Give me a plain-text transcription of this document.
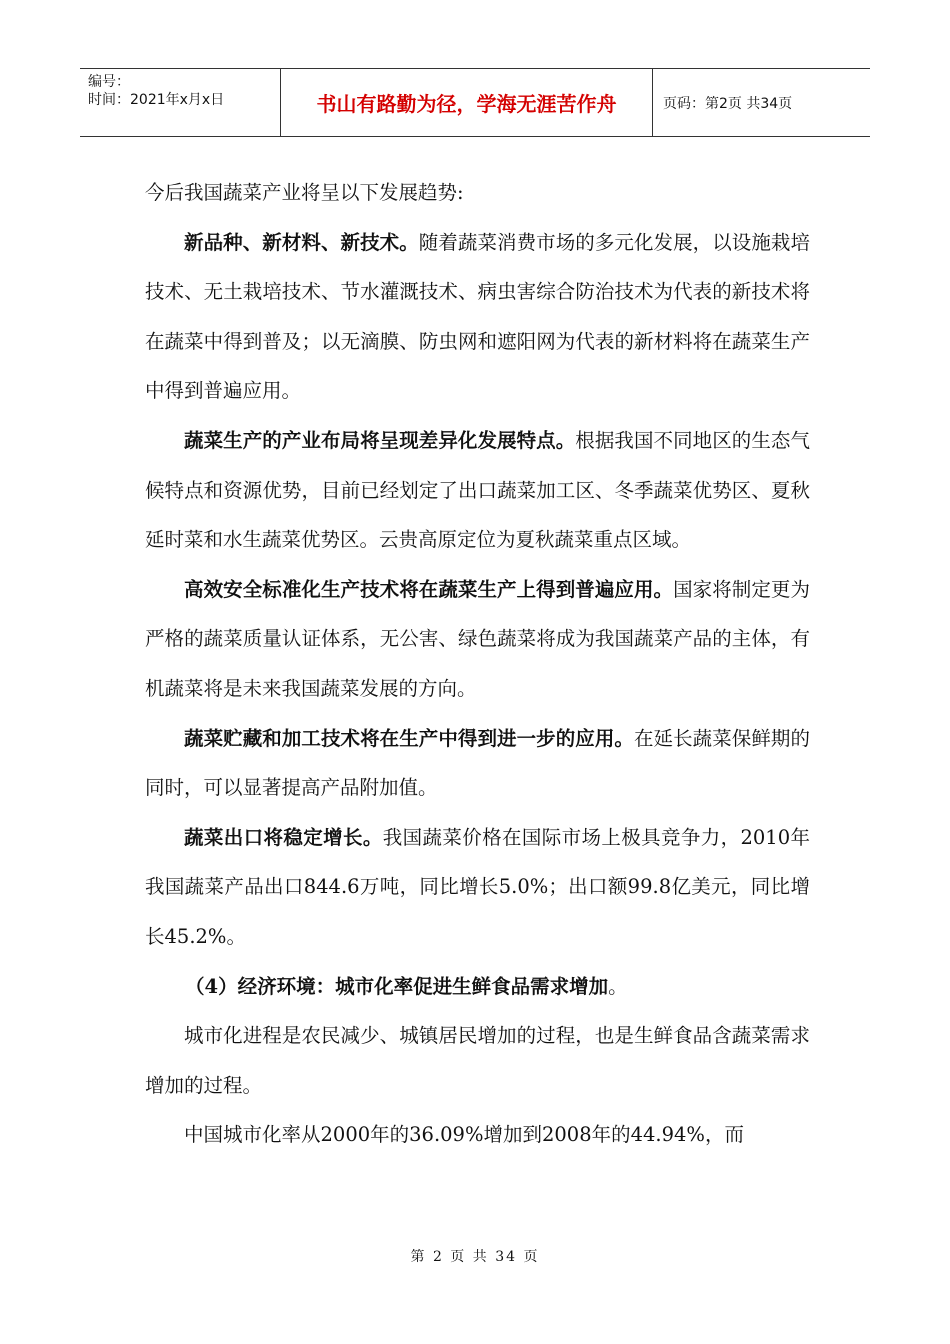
编号：
时间：2021年x月x日	书山有路勤为径，学海无涯苦作舟	页码：第2页 共34页

今后我国蔬菜产业将呈以下发展趋势:

新品种、新材料、新技术。随着蔬菜消费市场的多元化发展，以设施栽培技术、无土栽培技术、节水灌溉技术、病虫害综合防治技术为代表的新技术将在蔬菜中得到普及；以无滴膜、防虫网和遮阳网为代表的新材料将在蔬菜生产中得到普遍应用。

蔬菜生产的产业布局将呈现差异化发展特点。根据我国不同地区的生态气候特点和资源优势，目前已经划定了出口蔬菜加工区、冬季蔬菜优势区、夏秋延时菜和水生蔬菜优势区。云贵高原定位为夏秋蔬菜重点区域。

高效安全标准化生产技术将在蔬菜生产上得到普遍应用。国家将制定更为严格的蔬菜质量认证体系，无公害、绿色蔬菜将成为我国蔬菜产品的主体，有机蔬菜将是未来我国蔬菜发展的方向。

蔬菜贮藏和加工技术将在生产中得到进一步的应用。在延长蔬菜保鲜期的同时，可以显著提高产品附加值。

蔬菜出口将稳定增长。我国蔬菜价格在国际市场上极具竞争力，2010年我国蔬菜产品出口844.6万吨，同比增长5.0%；出口额99.8亿美元，同比增长45.2%。

（4）经济环境：城市化率促进生鲜食品需求增加。

城市化进程是农民减少、城镇居民增加的过程，也是生鲜食品含蔬菜需求增加的过程。

中国城市化率从2000年的36.09%增加到2008年的44.94%，而

第 2 页 共 34 页
